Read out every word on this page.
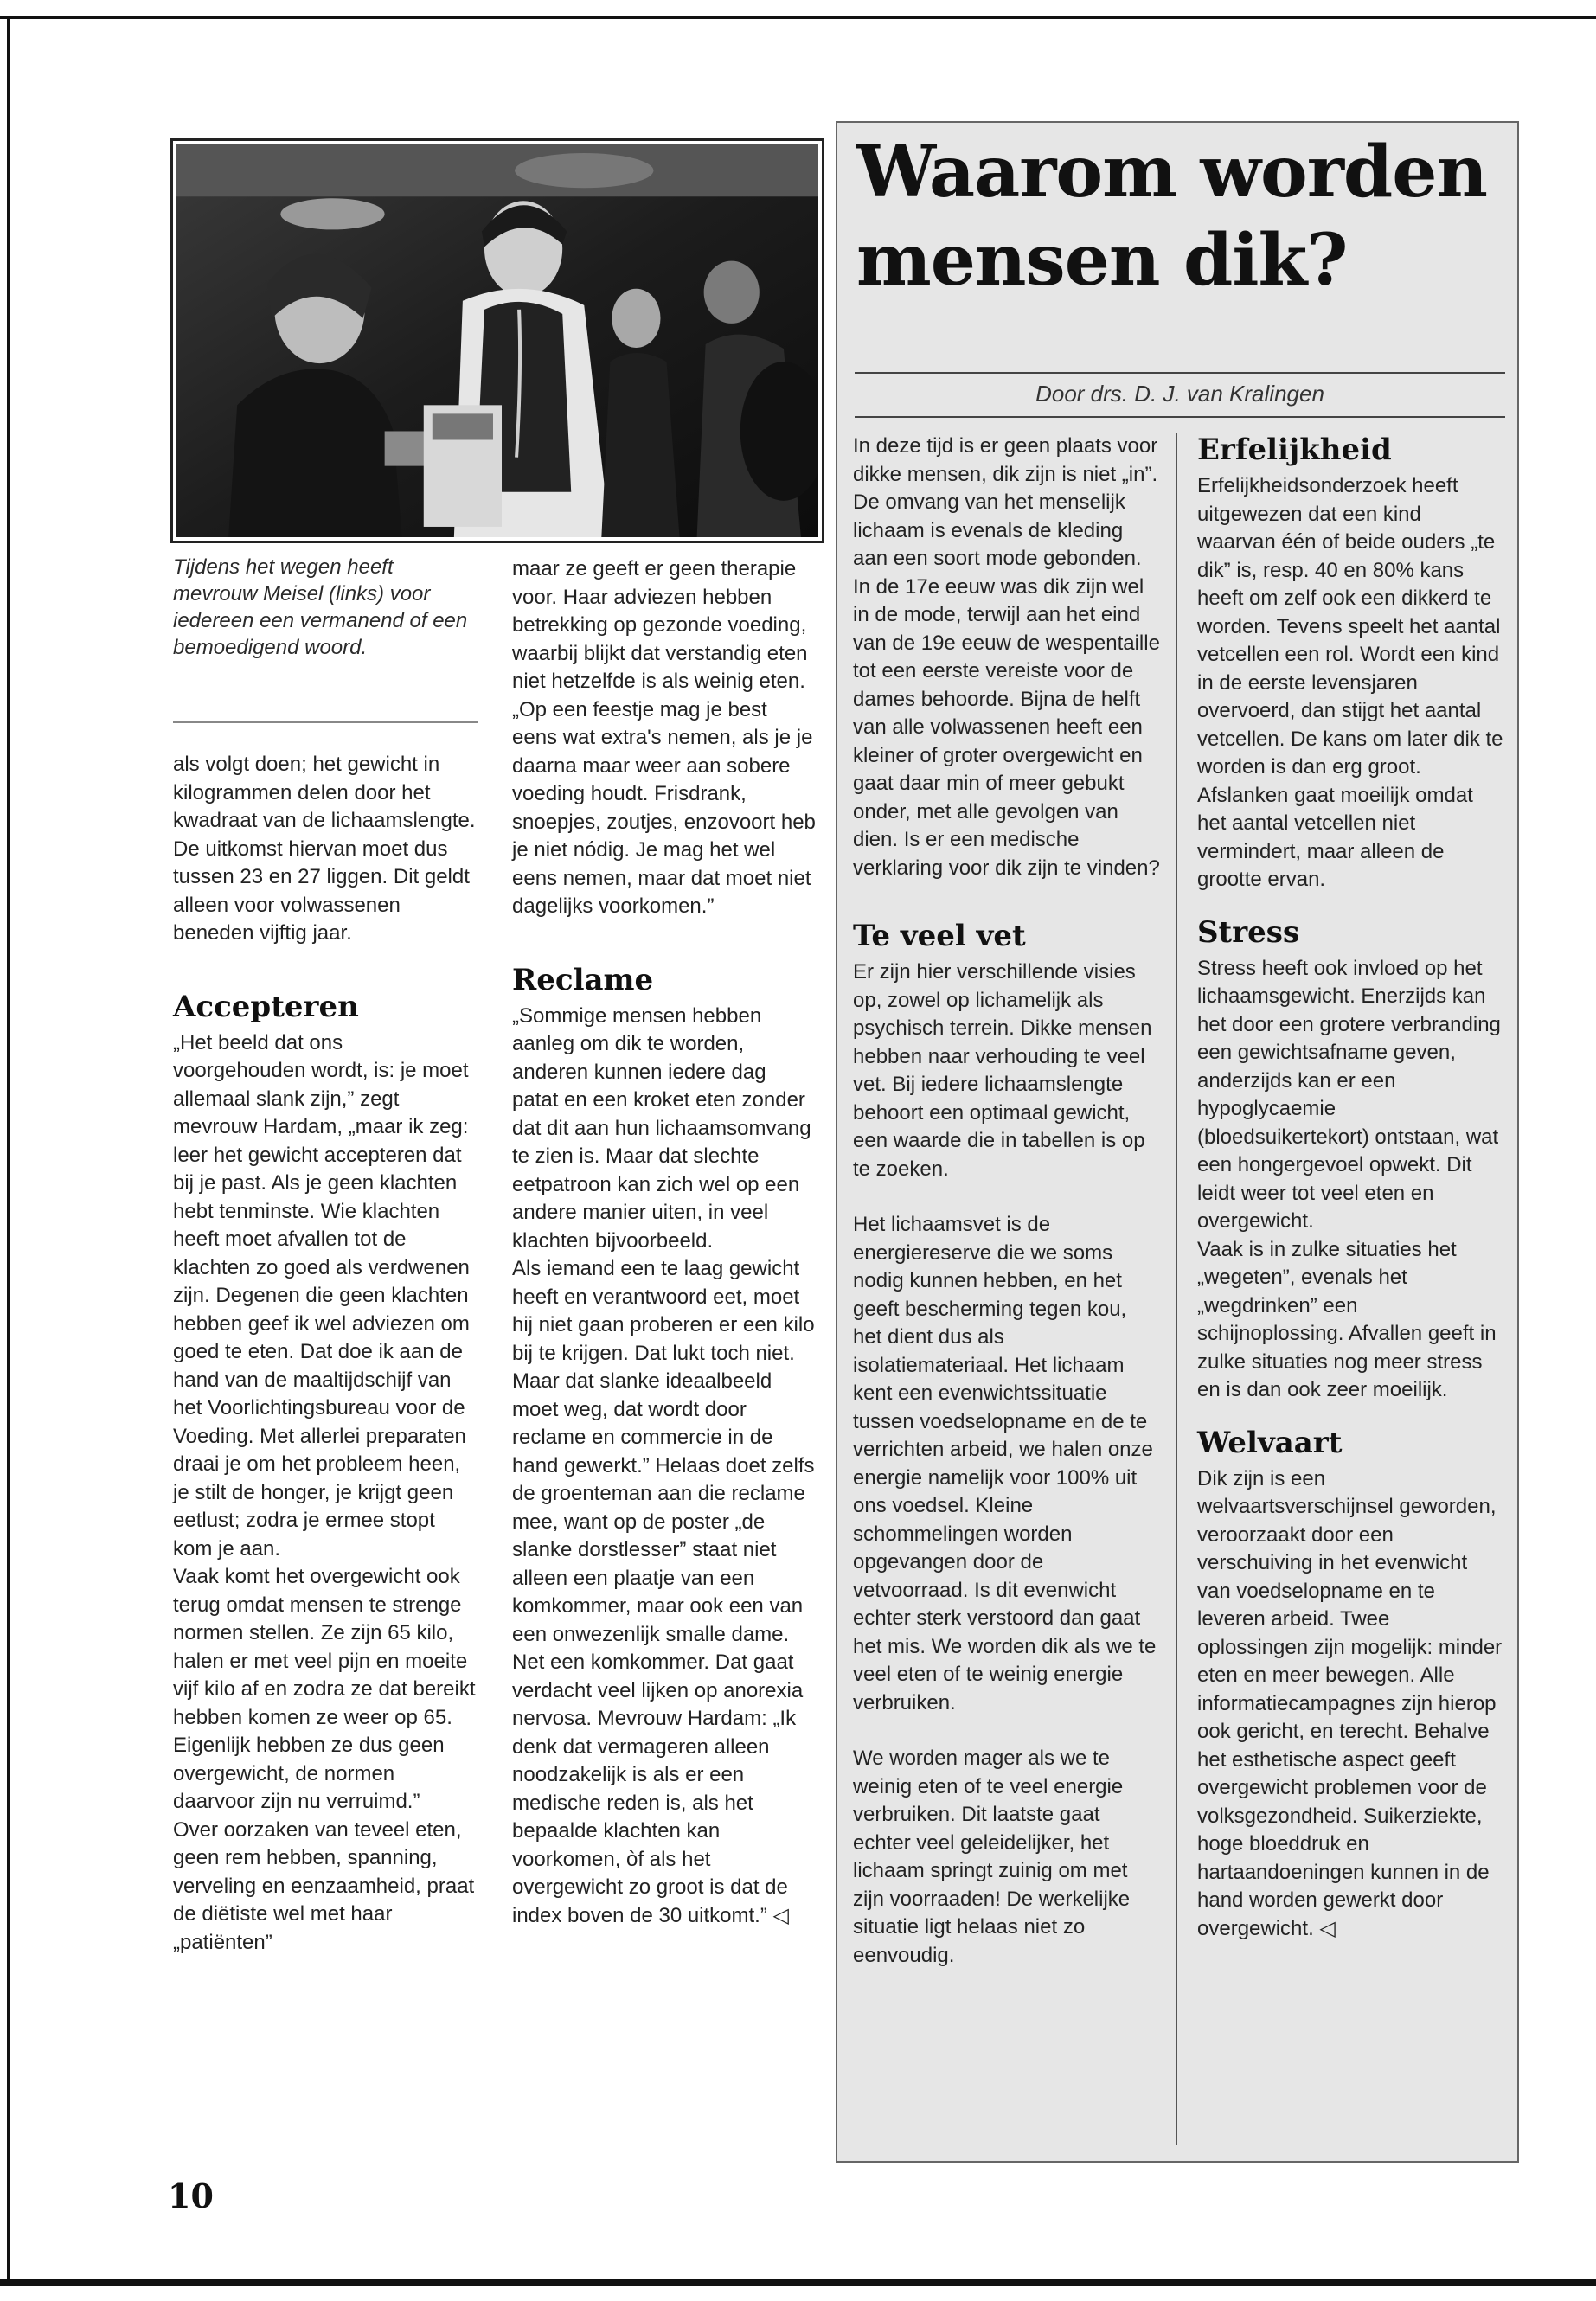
Tijdens het wegen heeft mevrouw Meisel (links) voor iedereen een vermanend of een bemoedigend woord.

als volgt doen; het gewicht in kilogrammen delen door het kwadraat van de lichaamslengte. De uitkomst hiervan moet dus tussen 23 en 27 liggen. Dit geldt alleen voor volwassenen beneden vijftig jaar.

Accepteren

„Het beeld dat ons voorgehouden wordt, is: je moet allemaal slank zijn,” zegt mevrouw Hardam, „maar ik zeg: leer het gewicht accepteren dat bij je past. Als je geen klachten hebt tenminste. Wie klachten heeft moet afvallen tot de klachten zo goed als verdwenen zijn. Degenen die geen klachten hebben geef ik wel adviezen om goed te eten. Dat doe ik aan de hand van de maaltijdschijf van het Voorlichtingsbureau voor de Voeding. Met allerlei preparaten draai je om het probleem heen, je stilt de honger, je krijgt geen eetlust; zodra je ermee stopt kom je aan.

Vaak komt het overgewicht ook terug omdat mensen te strenge normen stellen. Ze zijn 65 kilo, halen er met veel pijn en moeite vijf kilo af en zodra ze dat bereikt hebben komen ze weer op 65. Eigenlijk hebben ze dus geen overgewicht, de normen daarvoor zijn nu verruimd.”

Over oorzaken van teveel eten, geen rem hebben, spanning, verveling en eenzaamheid, praat de diëtiste wel met haar „patiënten”

maar ze geeft er geen therapie voor. Haar adviezen hebben betrekking op gezonde voeding, waarbij blijkt dat verstandig eten niet hetzelfde is als weinig eten. „Op een feestje mag je best eens wat extra's nemen, als je je daarna maar weer aan sobere voeding houdt. Frisdrank, snoepjes, zoutjes, enzovoort heb je niet nódig. Je mag het wel eens nemen, maar dat moet niet dagelijks voorkomen.”

Reclame

„Sommige mensen hebben aanleg om dik te worden, anderen kunnen iedere dag patat en een kroket eten zonder dat dit aan hun lichaamsomvang te zien is. Maar dat slechte eetpatroon kan zich wel op een andere manier uiten, in veel klachten bijvoorbeeld.

Als iemand een te laag gewicht heeft en verantwoord eet, moet hij niet gaan proberen er een kilo bij te krijgen. Dat lukt toch niet. Maar dat slanke ideaalbeeld moet weg, dat wordt door reclame en commercie in de hand gewerkt.” Helaas doet zelfs de groenteman aan die reclame mee, want op de poster „de slanke dorstlesser” staat niet alleen een plaatje van een komkommer, maar ook een van een onwezenlijk smalle dame. Net een komkommer. Dat gaat verdacht veel lijken op anorexia nervosa. Mevrouw Hardam: „Ik denk dat vermageren alleen noodzakelijk is als er een medische reden is, als het bepaalde klachten kan voorkomen, òf als het overgewicht zo groot is dat de index boven de 30 uitkomt.” ◁

Waarom worden mensen dik?
Door drs. D. J. van Kralingen

In deze tijd is er geen plaats voor dikke mensen, dik zijn is niet „in”. De omvang van het menselijk lichaam is evenals de kleding aan een soort mode gebonden. In de 17e eeuw was dik zijn wel in de mode, terwijl aan het eind van de 19e eeuw de wespentaille tot een eerste vereiste voor de dames behoorde. Bijna de helft van alle volwassenen heeft een kleiner of groter overgewicht en gaat daar min of meer gebukt onder, met alle gevolgen van dien. Is er een medische verklaring voor dik zijn te vinden?

Te veel vet

Er zijn hier verschillende visies op, zowel op lichamelijk als psychisch terrein. Dikke mensen hebben naar verhouding te veel vet. Bij iedere lichaamslengte behoort een optimaal gewicht, een waarde die in tabellen is op te zoeken.

Het lichaamsvet is de energiereserve die we soms nodig kunnen hebben, en het geeft bescherming tegen kou, het dient dus als isolatiemateriaal. Het lichaam kent een evenwichtssituatie tussen voedselopname en de te verrichten arbeid, we halen onze energie namelijk voor 100% uit ons voedsel. Kleine schommelingen worden opgevangen door de vetvoorraad. Is dit evenwicht echter sterk verstoord dan gaat het mis. We worden dik als we te veel eten of te weinig energie verbruiken.

We worden mager als we te weinig eten of te veel energie verbruiken. Dit laatste gaat echter veel geleidelijker, het lichaam springt zuinig om met zijn voorraaden! De werkelijke situatie ligt helaas niet zo eenvoudig.

Erfelijkheid

Erfelijkheidsonderzoek heeft uitgewezen dat een kind waarvan één of beide ouders „te dik” is, resp. 40 en 80% kans heeft om zelf ook een dikkerd te worden. Tevens speelt het aantal vetcellen een rol. Wordt een kind in de eerste levensjaren overvoerd, dan stijgt het aantal vetcellen. De kans om later dik te worden is dan erg groot. Afslanken gaat moeilijk omdat het aantal vetcellen niet vermindert, maar alleen de grootte ervan.

Stress

Stress heeft ook invloed op het lichaamsgewicht. Enerzijds kan het door een grotere verbranding een gewichtsafname geven, anderzijds kan er een hypoglycaemie (bloedsuikertekort) ontstaan, wat een hongergevoel opwekt. Dit leidt weer tot veel eten en overgewicht.

Vaak is in zulke situaties het „wegeten”, evenals het „wegdrinken” een schijnoplossing. Afvallen geeft in zulke situaties nog meer stress en is dan ook zeer moeilijk.

Welvaart

Dik zijn is een welvaartsverschijnsel geworden, veroorzaakt door een verschuiving in het evenwicht van voedselopname en te leveren arbeid. Twee oplossingen zijn mogelijk: minder eten en meer bewegen. Alle informatiecampagnes zijn hierop ook gericht, en terecht. Behalve het esthetische aspect geeft overgewicht problemen voor de volksgezondheid. Suikerziekte, hoge bloeddruk en hartaandoeningen kunnen in de hand worden gewerkt door overgewicht. ◁

10
